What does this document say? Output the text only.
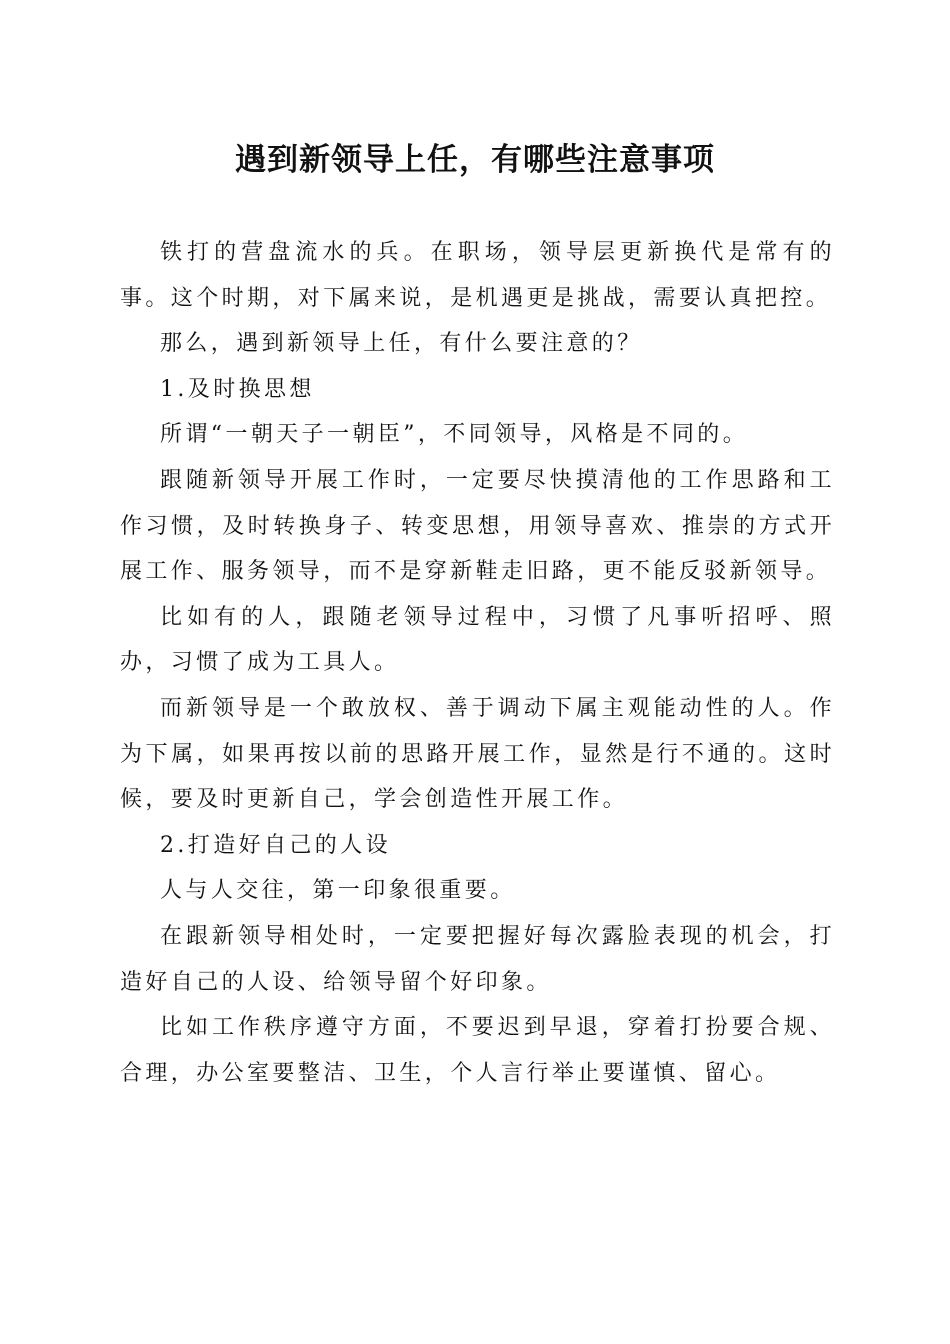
遇到新领导上任，有哪些注意事项

铁打的营盘流水的兵。在职场，领导层更新换代是常有的事。这个时期，对下属来说，是机遇更是挑战，需要认真把控。

那么，遇到新领导上任，有什么要注意的？

1.及时换思想

所谓“一朝天子一朝臣”，不同领导，风格是不同的。

跟随新领导开展工作时，一定要尽快摸清他的工作思路和工作习惯，及时转换身子、转变思想，用领导喜欢、推崇的方式开展工作、服务领导，而不是穿新鞋走旧路，更不能反驳新领导。

比如有的人，跟随老领导过程中，习惯了凡事听招呼、照办，习惯了成为工具人。

而新领导是一个敢放权、善于调动下属主观能动性的人。作为下属，如果再按以前的思路开展工作，显然是行不通的。这时候，要及时更新自己，学会创造性开展工作。

2.打造好自己的人设

人与人交往，第一印象很重要。

在跟新领导相处时，一定要把握好每次露脸表现的机会，打造好自己的人设、给领导留个好印象。

比如工作秩序遵守方面，不要迟到早退，穿着打扮要合规、合理，办公室要整洁、卫生，个人言行举止要谨慎、留心。
